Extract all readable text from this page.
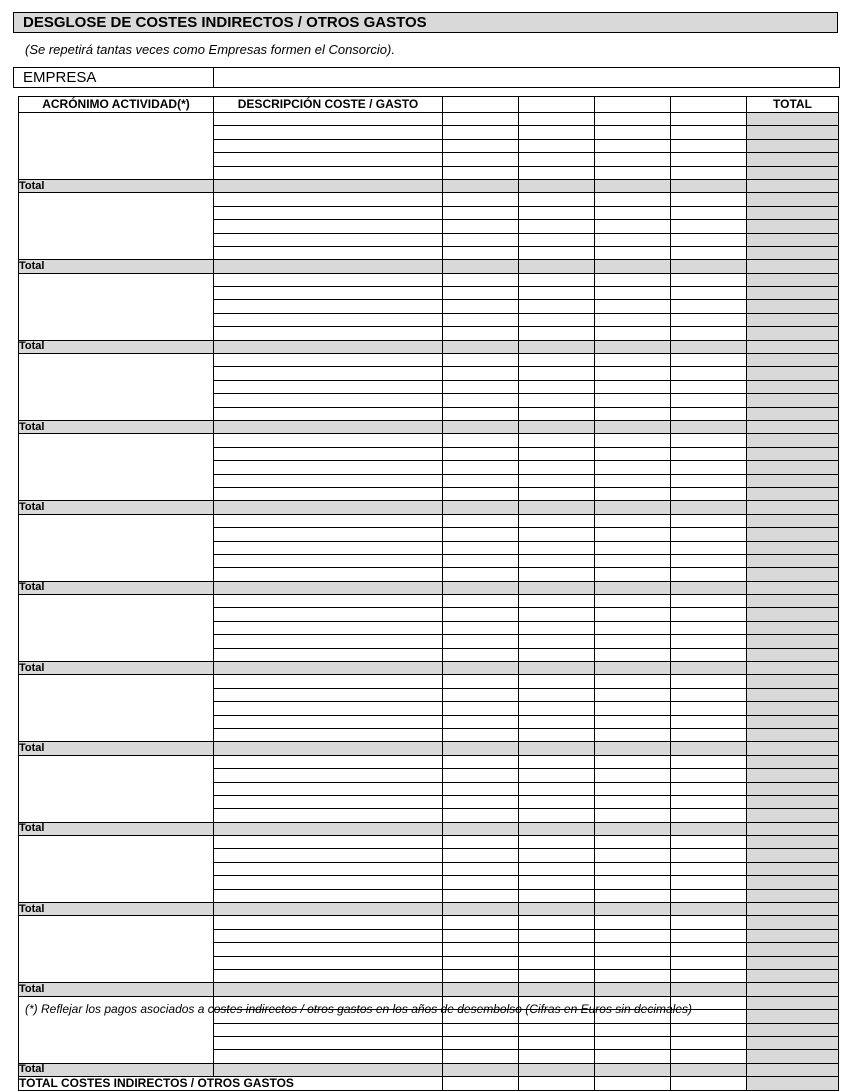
DESGLOSE DE COSTES INDIRECTOS / OTROS GASTOS
(Se repetirá tantas veces como Empresas formen el Consorcio).
EMPRESA
ACRÓNIMO ACTIVIDAD(*)	DESCRIPCIÓN COSTE / GASTO					TOTAL

Total						

Total						

Total						

Total						

Total						

Total						

Total						

Total						

Total						

Total						

Total						

Total						
TOTAL COSTES INDIRECTOS / OTROS GASTOS						
(*) Reflejar los pagos asociados a costes indirectos / otros gastos en los años de desembolso (Cifras en Euros sin decimales)
